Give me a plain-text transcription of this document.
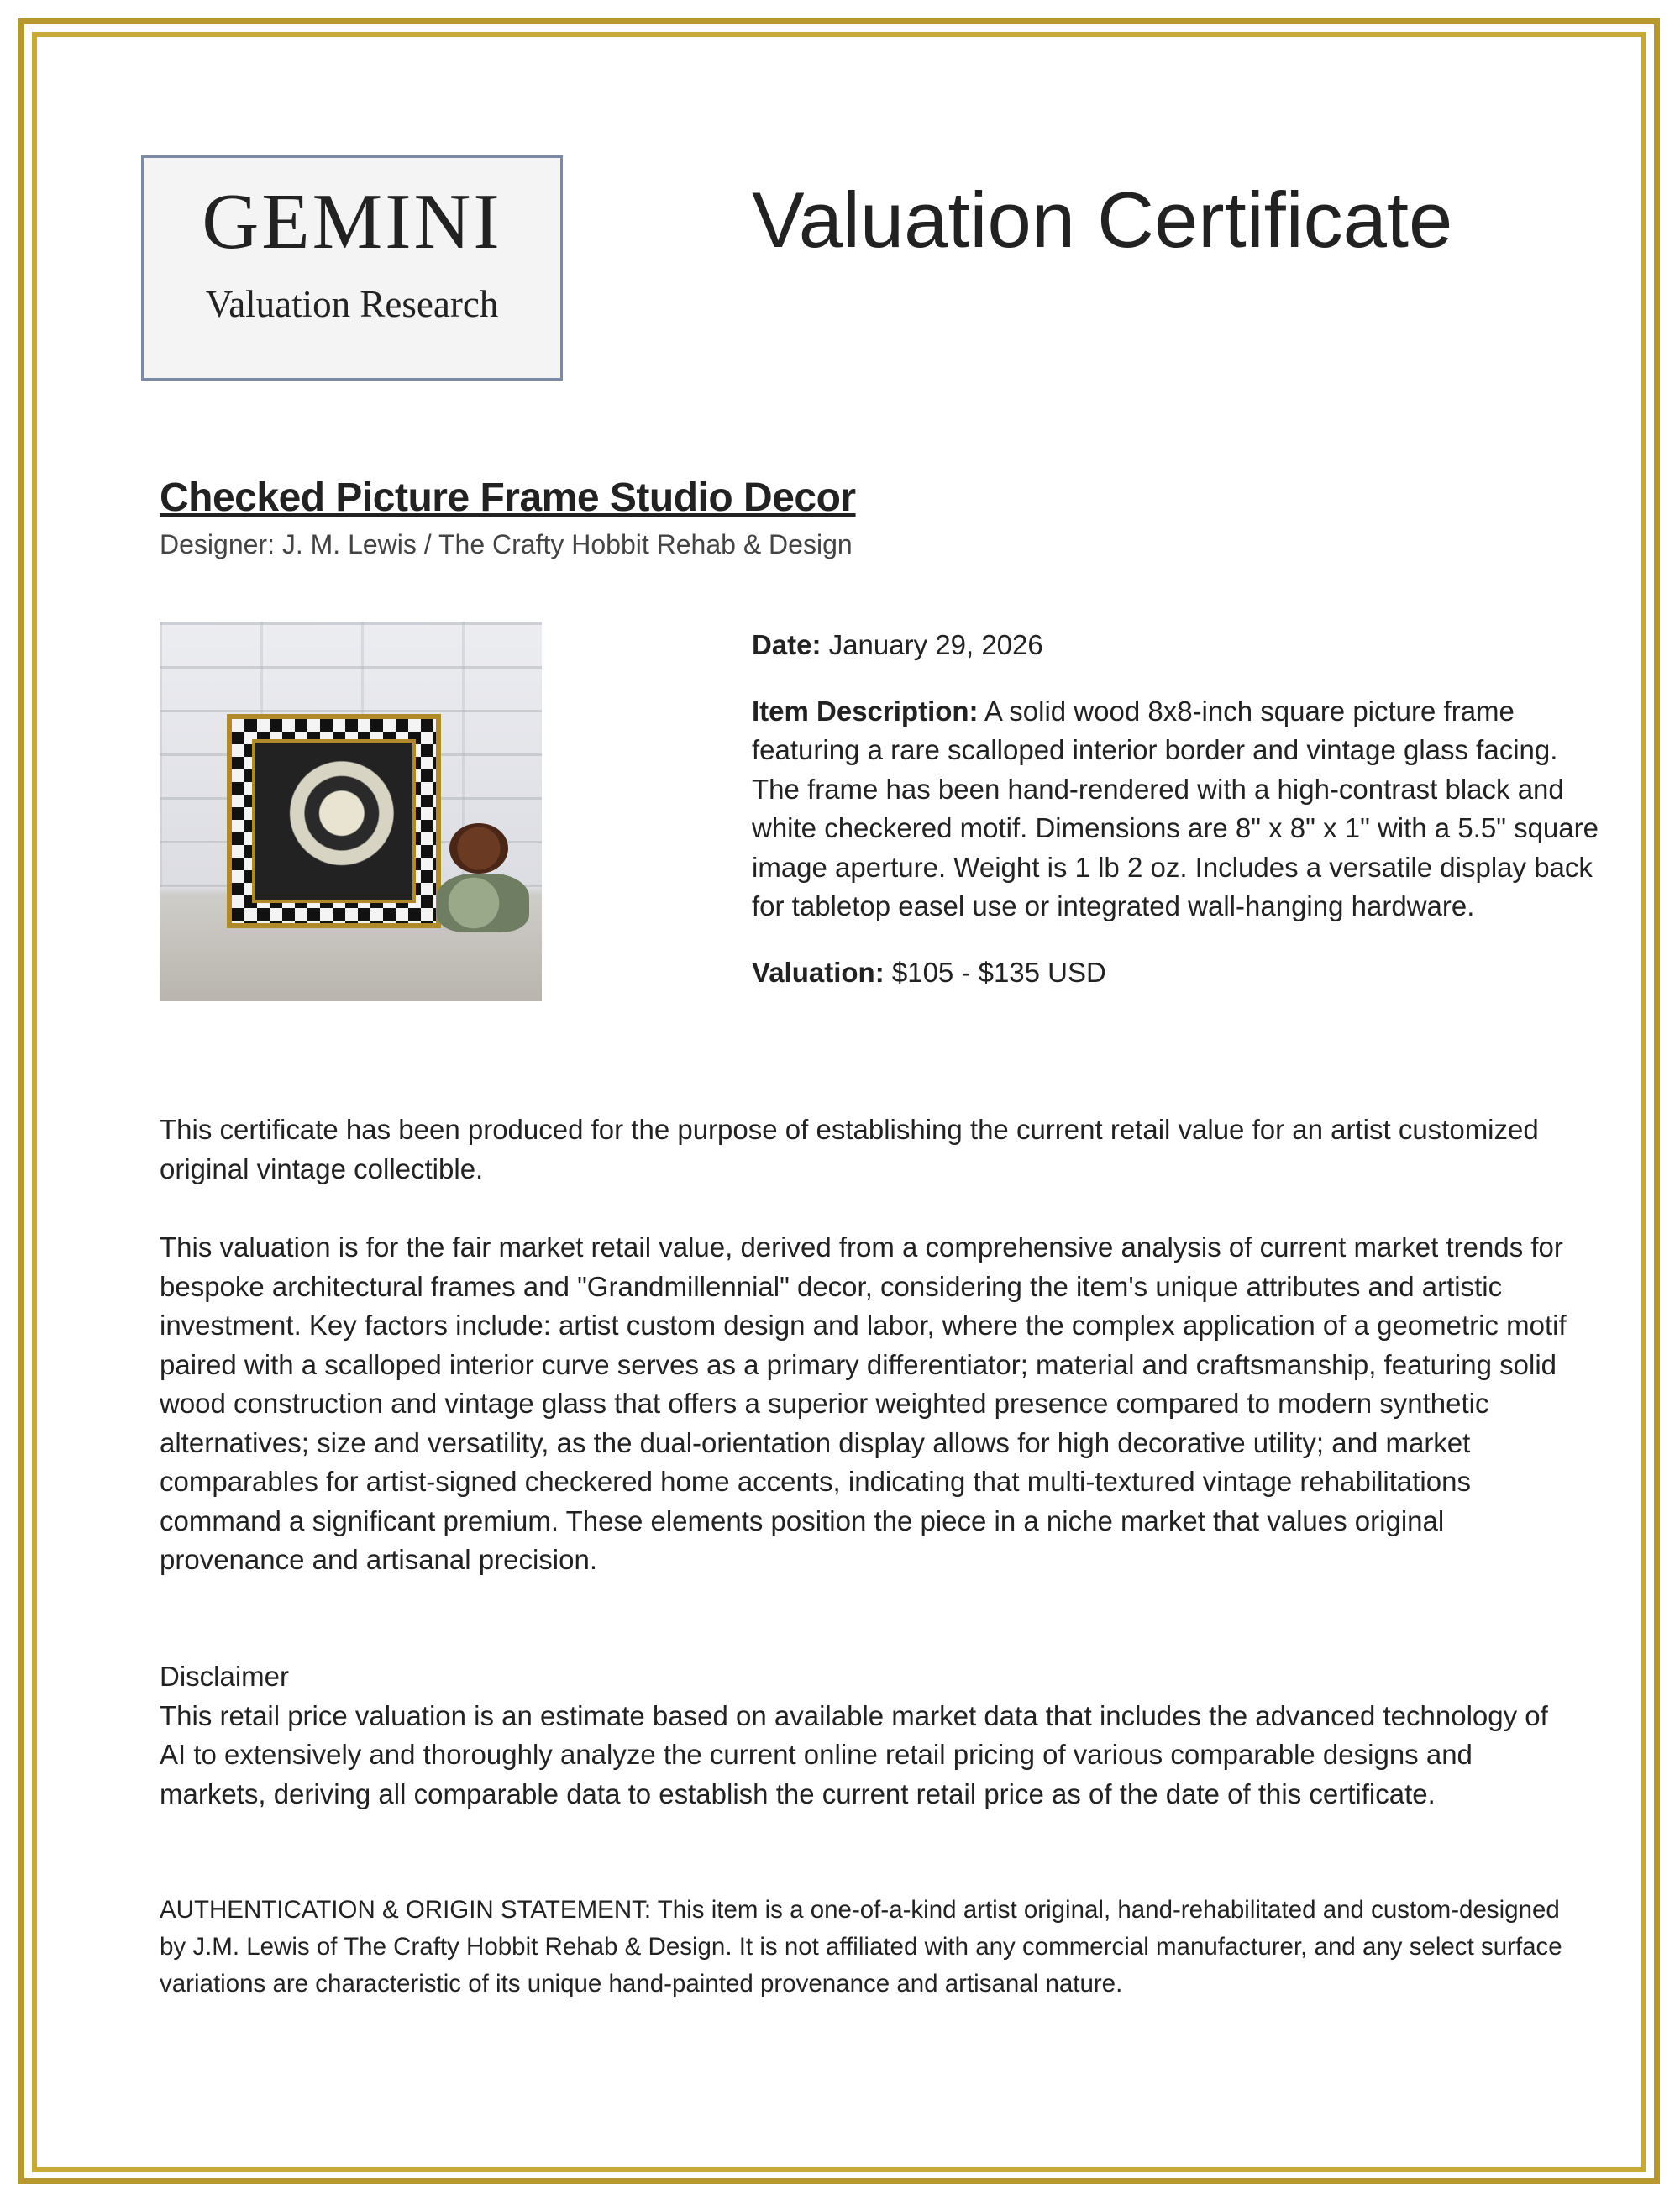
GEMINI
Valuation Research
Valuation Certificate
Checked Picture Frame Studio Decor
Designer: J. M. Lewis / The Crafty Hobbit Rehab & Design

Date: January 29, 2026

Item Description: A solid wood 8x8-inch square picture frame featuring a rare scalloped interior border and vintage glass facing. The frame has been hand-rendered with a high-contrast black and white checkered motif. Dimensions are 8" x 8" x 1" with a 5.5" square image aperture. Weight is 1 lb 2 oz. Includes a versatile display back for tabletop easel use or integrated wall-hanging hardware.

Valuation: $105 - $135 USD

This certificate has been produced for the purpose of establishing the current retail value for an artist customized original vintage collectible.
This valuation is for the fair market retail value, derived from a comprehensive analysis of current market trends for bespoke architectural frames and "Grandmillennial" decor, considering the item's unique attributes and artistic investment. Key factors include: artist custom design and labor, where the complex application of a geometric motif paired with a scalloped interior curve serves as a primary differentiator; material and craftsmanship, featuring solid wood construction and vintage glass that offers a superior weighted presence compared to modern synthetic alternatives; size and versatility, as the dual-orientation display allows for high decorative utility; and market comparables for artist-signed checkered home accents, indicating that multi-textured vintage rehabilitations command a significant premium. These elements position the piece in a niche market that values original provenance and artisanal precision.

Disclaimer

This retail price valuation is an estimate based on available market data that includes the advanced technology of AI to extensively and thoroughly analyze the current online retail pricing of various comparable designs and markets, deriving all comparable data to establish the current retail price as of the date of this certificate.

AUTHENTICATION & ORIGIN STATEMENT: This item is a one-of-a-kind artist original, hand-rehabilitated and custom-designed by J.M. Lewis of The Crafty Hobbit Rehab & Design. It is not affiliated with any commercial manufacturer, and any select surface variations are characteristic of its unique hand-painted provenance and artisanal nature.
